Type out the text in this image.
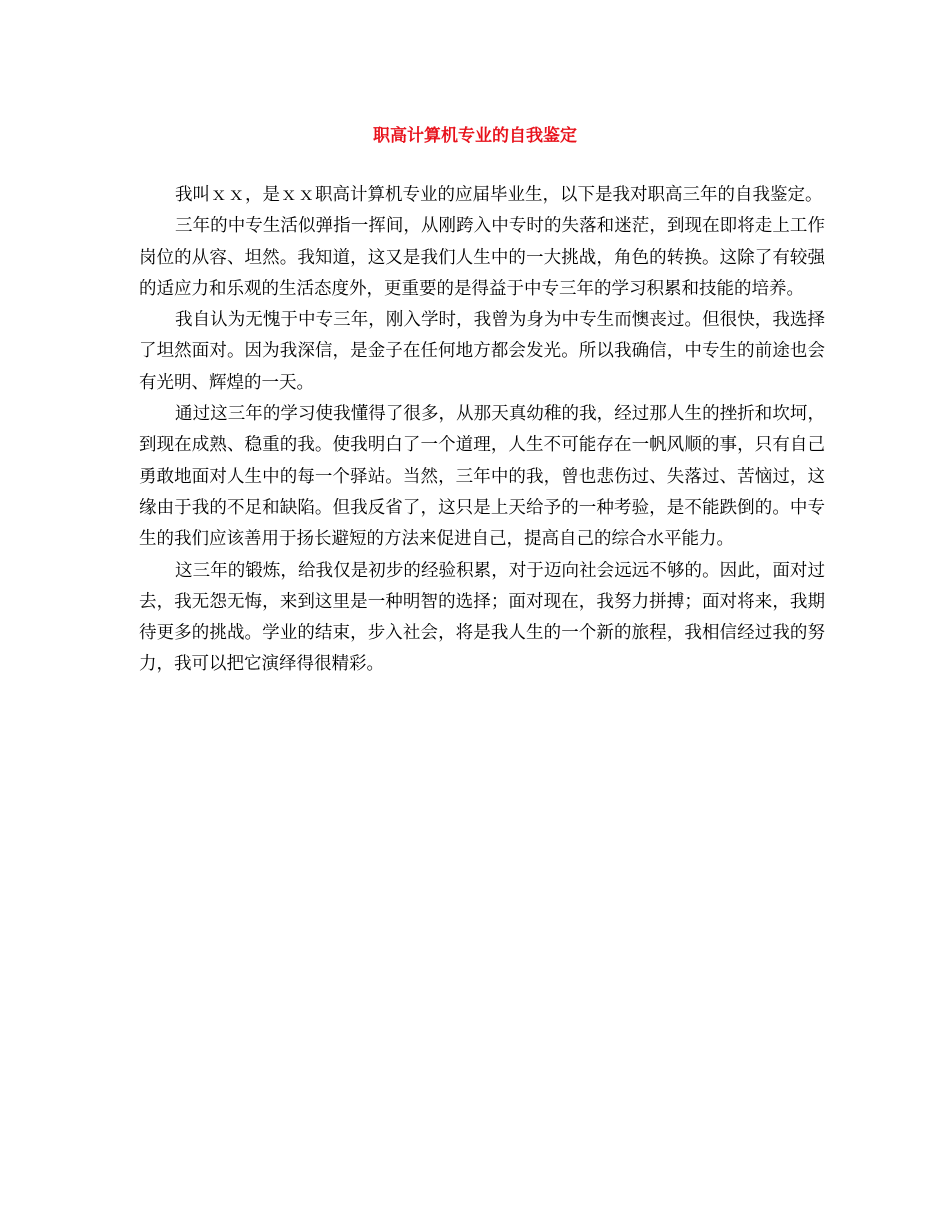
职高计算机专业的自我鉴定

我叫ｘｘ，是ｘｘ职高计算机专业的应届毕业生，以下是我对职高三年的自我鉴定。

三年的中专生活似弹指一挥间，从刚跨入中专时的失落和迷茫，到现在即将走上工作岗位的从容、坦然。我知道，这又是我们人生中的一大挑战，角色的转换。这除了有较强的适应力和乐观的生活态度外，更重要的是得益于中专三年的学习积累和技能的培养。

我自认为无愧于中专三年，刚入学时，我曾为身为中专生而懊丧过。但很快，我选择了坦然面对。因为我深信，是金子在任何地方都会发光。所以我确信，中专生的前途也会有光明、辉煌的一天。

通过这三年的学习使我懂得了很多，从那天真幼稚的我，经过那人生的挫折和坎坷，到现在成熟、稳重的我。使我明白了一个道理，人生不可能存在一帆风顺的事，只有自己勇敢地面对人生中的每一个驿站。当然，三年中的我，曾也悲伤过、失落过、苦恼过，这缘由于我的不足和缺陷。但我反省了，这只是上天给予的一种考验，是不能跌倒的。中专生的我们应该善用于扬长避短的方法来促进自己，提高自己的综合水平能力。

这三年的锻炼，给我仅是初步的经验积累，对于迈向社会远远不够的。因此，面对过去，我无怨无悔，来到这里是一种明智的选择；面对现在，我努力拼搏；面对将来，我期待更多的挑战。学业的结束，步入社会，将是我人生的一个新的旅程，我相信经过我的努力，我可以把它演绎得很精彩。
